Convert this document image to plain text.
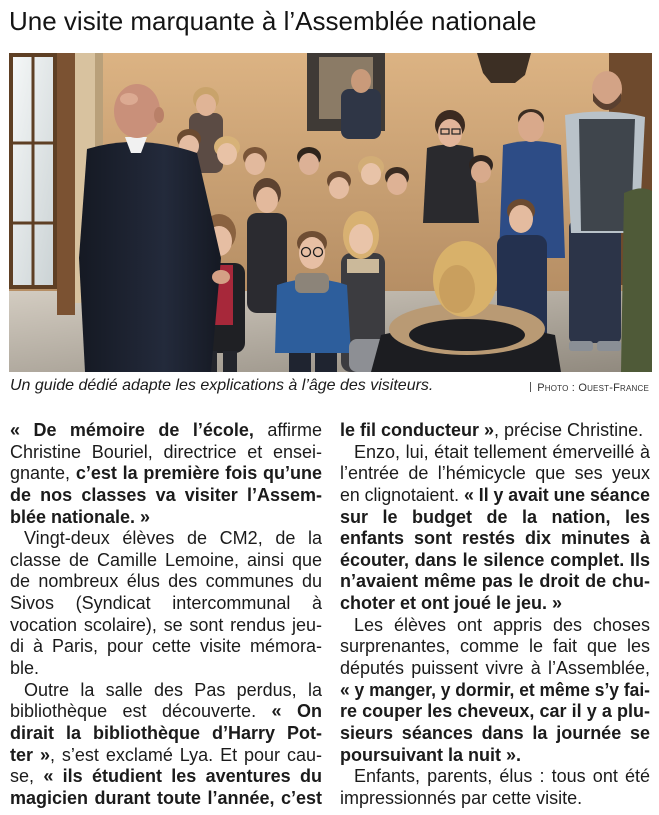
Une visite marquante à l’Assemblée nationale
Un guide dédié adapte les explications à l’âge des visiteurs.	Photo : Ouest-France
« De mémoire de l’école, affirme
Christine Bouriel, directrice et ensei-
gnante, c’est la première fois qu’une
de nos classes va visiter l’Assem-
blée nationale. »
Vingt-deux élèves de CM2, de la
classe de Camille Lemoine, ainsi que
de nombreux élus des communes du
Sivos (Syndicat intercommunal à
vocation scolaire), se sont rendus jeu-
di à Paris, pour cette visite mémora-
ble.
Outre la salle des Pas perdus, la
bibliothèque est découverte. « On
dirait la bibliothèque d’Harry Pot-
ter », s’est exclamé Lya. Et pour cau-
se, « ils étudient les aventures du
magicien durant toute l’année, c’est
le fil conducteur », précise Christine.
Enzo, lui, était tellement émerveillé à
l’entrée de l’hémicycle que ses yeux
en clignotaient. « Il y avait une séance
sur le budget de la nation, les
enfants sont restés dix minutes à
écouter, dans le silence complet. Ils
n’avaient même pas le droit de chu-
choter et ont joué le jeu. »
Les élèves ont appris des choses
surprenantes, comme le fait que les
députés puissent vivre à l’Assemblée,
« y manger, y dormir, et même s’y fai-
re couper les cheveux, car il y a plu-
sieurs séances dans la journée se
poursuivant la nuit ».
Enfants, parents, élus : tous ont été
impressionnés par cette visite.
